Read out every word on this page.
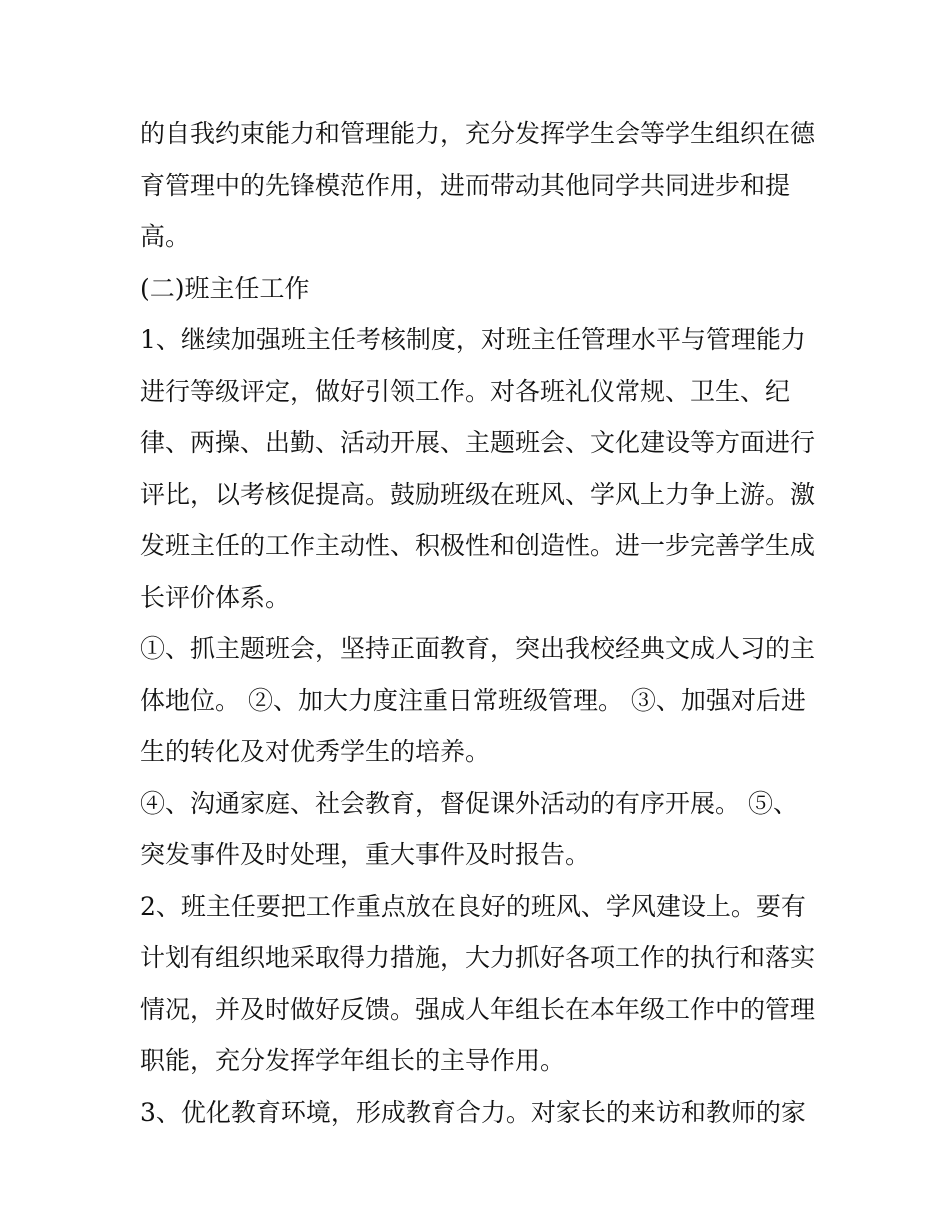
的自我约束能力和管理能力，充分发挥学生会等学生组织在德
育管理中的先锋模范作用，进而带动其他同学共同进步和提
高。
(二)班主任工作
1、继续加强班主任考核制度，对班主任管理水平与管理能力
进行等级评定，做好引领工作。对各班礼仪常规、卫生、纪
律、两操、出勤、活动开展、主题班会、文化建设等方面进行
评比，以考核促提高。鼓励班级在班风、学风上力争上游。激
发班主任的工作主动性、积极性和创造性。进一步完善学生成
长评价体系。
①、抓主题班会，坚持正面教育，突出我校经典文成人习的主
体地位。 ②、加大力度注重日常班级管理。 ③、加强对后进
生的转化及对优秀学生的培养。
④、沟通家庭、社会教育，督促课外活动的有序开展。 ⑤、
突发事件及时处理，重大事件及时报告。
2、班主任要把工作重点放在良好的班风、学风建设上。要有
计划有组织地采取得力措施，大力抓好各项工作的执行和落实
情况，并及时做好反馈。强成人年组长在本年级工作中的管理
职能，充分发挥学年组长的主导作用。
3、优化教育环境，形成教育合力。对家长的来访和教师的家
